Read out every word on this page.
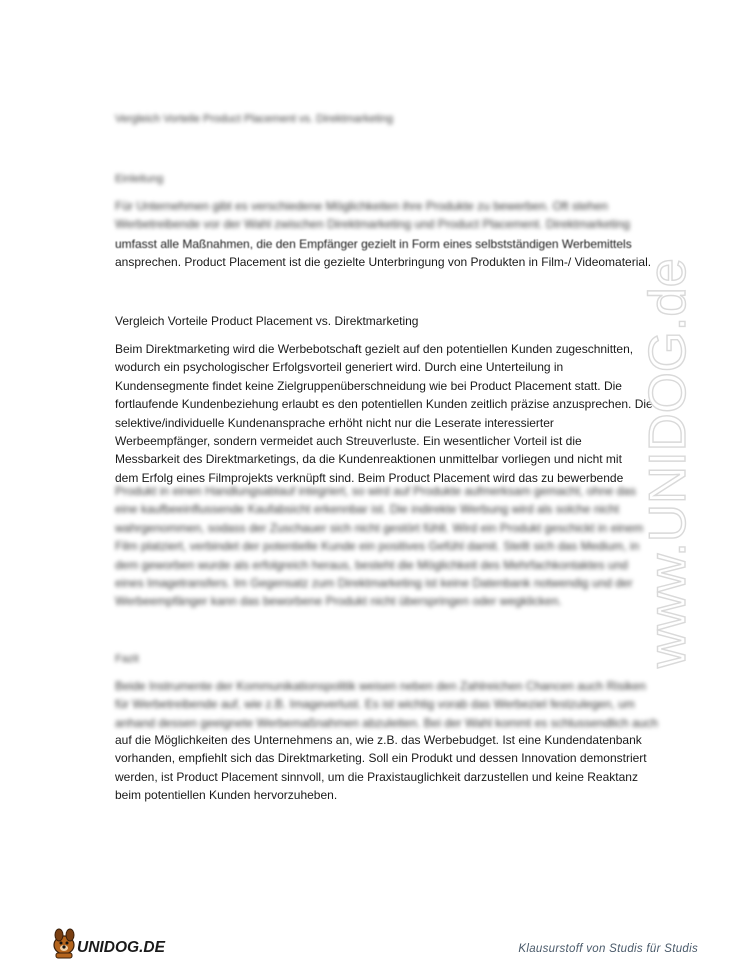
Vergleich Vorteile Product Placement vs. Direktmarketing
Einleitung
Für Unternehmen gibt es verschiedene Möglichkeiten ihre Produkte zu bewerben. Oft stehen
Werbetreibende vor der Wahl zwischen Direktmarketing und Product Placement. Direktmarketing
umfasst alle Maßnahmen, die den Empfänger gezielt in Form eines selbstständigen Werbemittels
ansprechen. Product Placement ist die gezielte Unterbringung von Produkten in Film-/ Videomaterial.
Vergleich Vorteile Product Placement vs. Direktmarketing
Beim Direktmarketing wird die Werbebotschaft gezielt auf den potentiellen Kunden zugeschnitten,
wodurch ein psychologischer Erfolgsvorteil generiert wird. Durch eine Unterteilung in
Kundensegmente findet keine Zielgruppenüberschneidung wie bei Product Placement statt. Die
fortlaufende Kundenbeziehung erlaubt es den potentiellen Kunden zeitlich präzise anzusprechen. Die
selektive/individuelle Kundenansprache erhöht nicht nur die Leserate interessierter
Werbeempfänger, sondern vermeidet auch Streuverluste. Ein wesentlicher Vorteil ist die
Messbarkeit des Direktmarketings, da die Kundenreaktionen unmittelbar vorliegen und nicht mit
dem Erfolg eines Filmprojekts verknüpft sind. Beim Product Placement wird das zu bewerbende
Produkt in einen Handlungsablauf integriert, so wird auf Produkte aufmerksam gemacht, ohne das
eine kaufbeeinflussende Kaufabsicht erkennbar ist. Die indirekte Werbung wird als solche nicht
wahrgenommen, sodass der Zuschauer sich nicht gestört fühlt. Wird ein Produkt geschickt in einem
Film platziert, verbindet der potentielle Kunde ein positives Gefühl damit. Stellt sich das Medium, in
dem geworben wurde als erfolgreich heraus, besteht die Möglichkeit des Mehrfachkontaktes und
eines Imagetransfers. Im Gegensatz zum Direktmarketing ist keine Datenbank notwendig und der
Werbeempfänger kann das beworbene Produkt nicht überspringen oder wegklicken.
Fazit
Beide Instrumente der Kommunikationspolitik weisen neben den Zahlreichen Chancen auch Risiken
für Werbetreibende auf, wie z.B. Imageverlust. Es ist wichtig vorab das Werbeziel festzulegen, um
anhand dessen geeignete Werbemaßnahmen abzuleiten. Bei der Wahl kommt es schlussendlich auch
auf die Möglichkeiten des Unternehmens an, wie z.B. das Werbebudget. Ist eine Kundendatenbank
vorhanden, empfiehlt sich das Direktmarketing. Soll ein Produkt und dessen Innovation demonstriert
werden, ist Product Placement sinnvoll, um die Praxistauglichkeit darzustellen und keine Reaktanz
beim potentiellen Kunden hervorzuheben.
www.UNIDOG.de
UNIDOG.DE	Klausurstoff von Studis für Studis
